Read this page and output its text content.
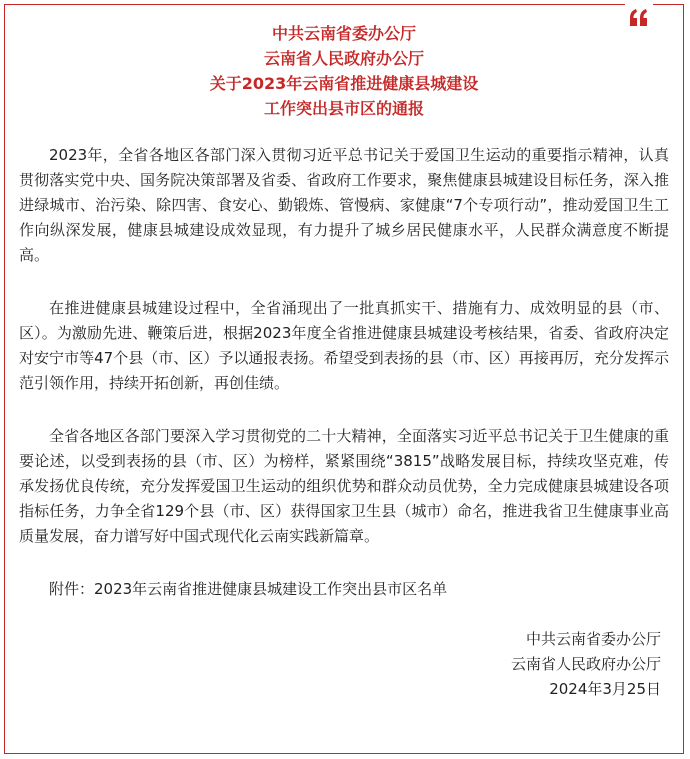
中共云南省委办公厅
云南省人民政府办公厅
关于2023年云南省推进健康县城建设
工作突出县市区的通报

2023年，全省各地区各部门深入贯彻习近平总书记关于爱国卫生运动的重要指示精神，认真贯彻落实党中央、国务院决策部署及省委、省政府工作要求，聚焦健康县城建设目标任务，深入推进绿城市、治污染、除四害、食安心、勤锻炼、管慢病、家健康“7个专项行动”，推动爱国卫生工作向纵深发展，健康县城建设成效显现，有力提升了城乡居民健康水平，人民群众满意度不断提高。

在推进健康县城建设过程中，全省涌现出了一批真抓实干、措施有力、成效明显的县（市、区）。为激励先进、鞭策后进，根据2023年度全省推进健康县城建设考核结果，省委、省政府决定对安宁市等47个县（市、区）予以通报表扬。希望受到表扬的县（市、区）再接再厉，充分发挥示范引领作用，持续开拓创新，再创佳绩。

全省各地区各部门要深入学习贯彻党的二十大精神，全面落实习近平总书记关于卫生健康的重要论述，以受到表扬的县（市、区）为榜样，紧紧围绕“3815”战略发展目标，持续攻坚克难，传承发扬优良传统，充分发挥爱国卫生运动的组织优势和群众动员优势，全力完成健康县城建设各项指标任务，力争全省129个县（市、区）获得国家卫生县（城市）命名，推进我省卫生健康事业高质量发展，奋力谱写好中国式现代化云南实践新篇章。

附件：2023年云南省推进健康县城建设工作突出县市区名单
中共云南省委办公厅
云南省人民政府办公厅
2024年3月25日
